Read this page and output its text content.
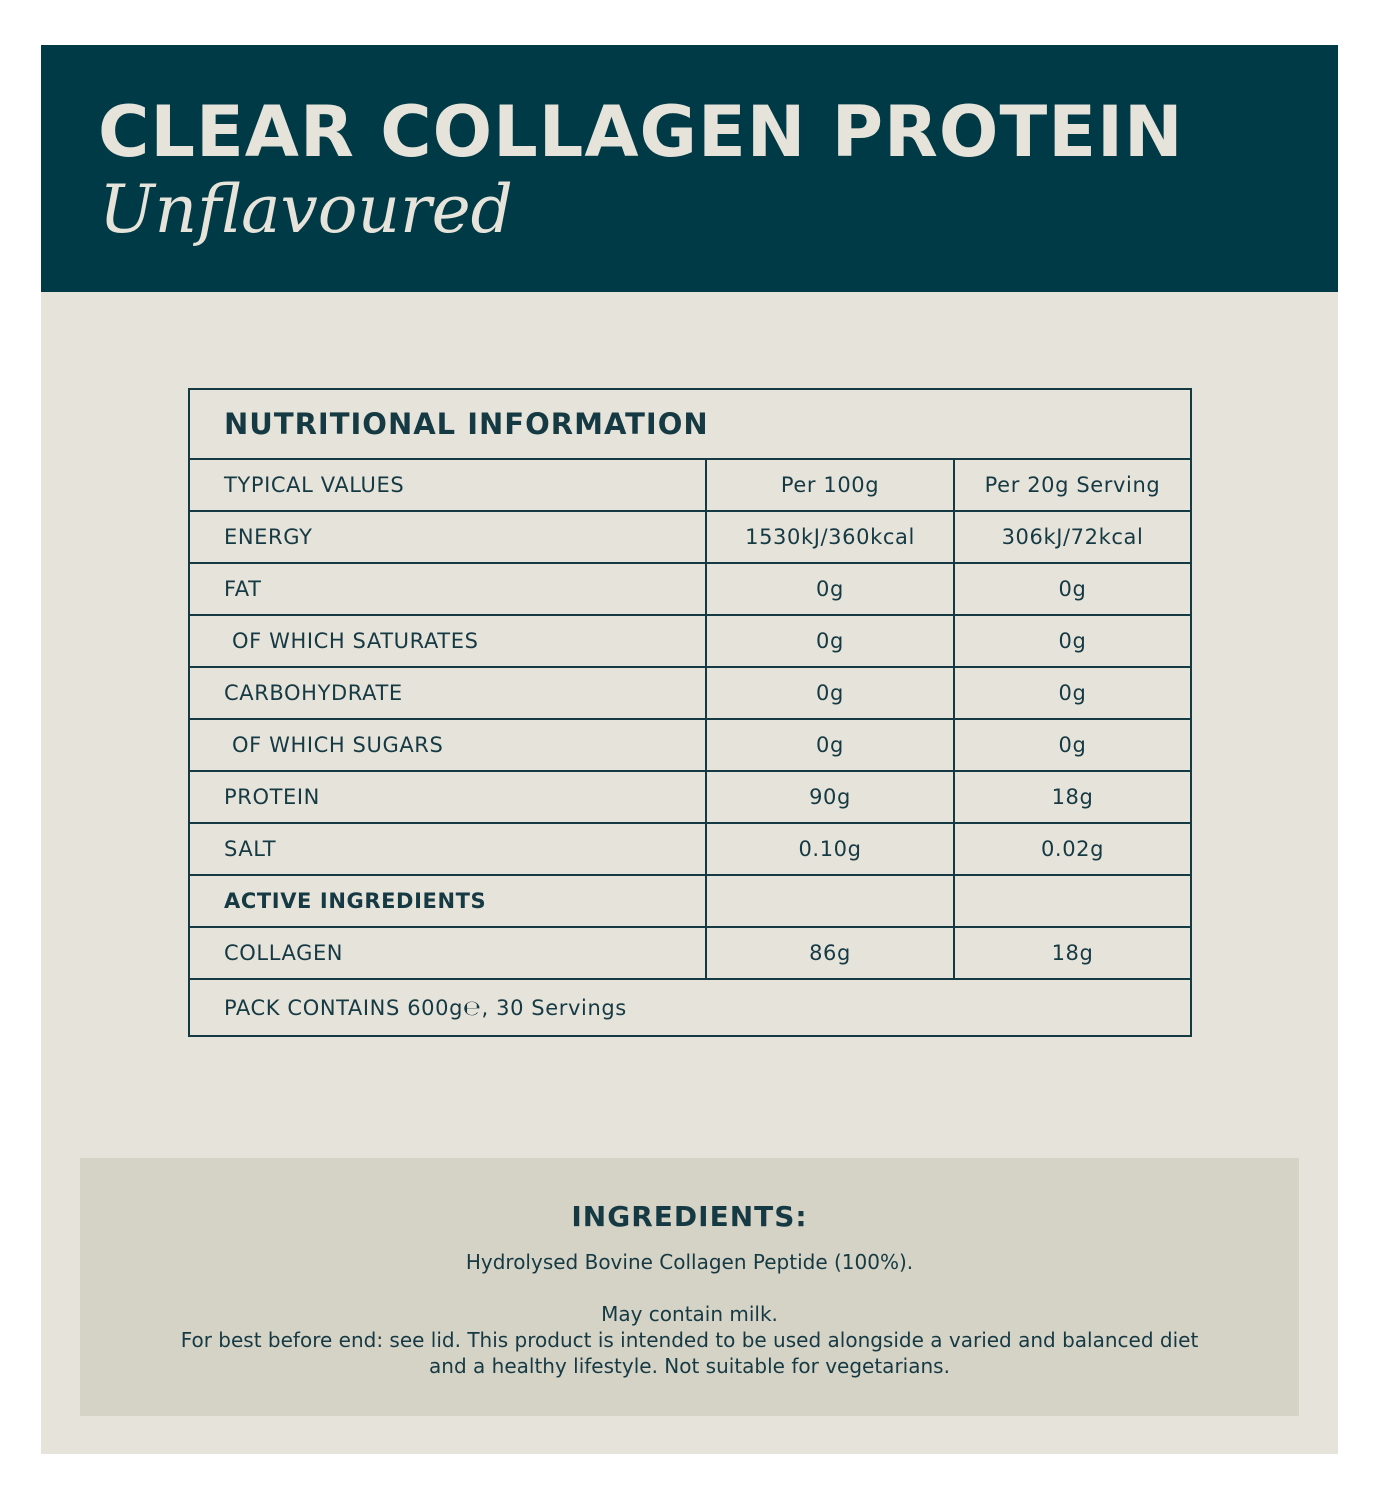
CLEAR COLLAGEN PROTEIN
Unflavoured
NUTRITIONAL INFORMATION		
TYPICAL VALUES	Per 100g	Per 20g Serving
ENERGY	1530kJ/360kcal	306kJ/72kcal
FAT	0g	0g
OF WHICH SATURATES	0g	0g
CARBOHYDRATE	0g	0g
OF WHICH SUGARS	0g	0g
PROTEIN	90g	18g
SALT	0.10g	0.02g
ACTIVE INGREDIENTS		
COLLAGEN	86g	18g
PACK CONTAINS 600g℮, 30 Servings		
INGREDIENTS:

Hydrolysed Bovine Collagen Peptide (100%).

May contain milk.
For best before end: see lid. This product is intended to be used alongside a varied and balanced diet
and a healthy lifestyle. Not suitable for vegetarians.
